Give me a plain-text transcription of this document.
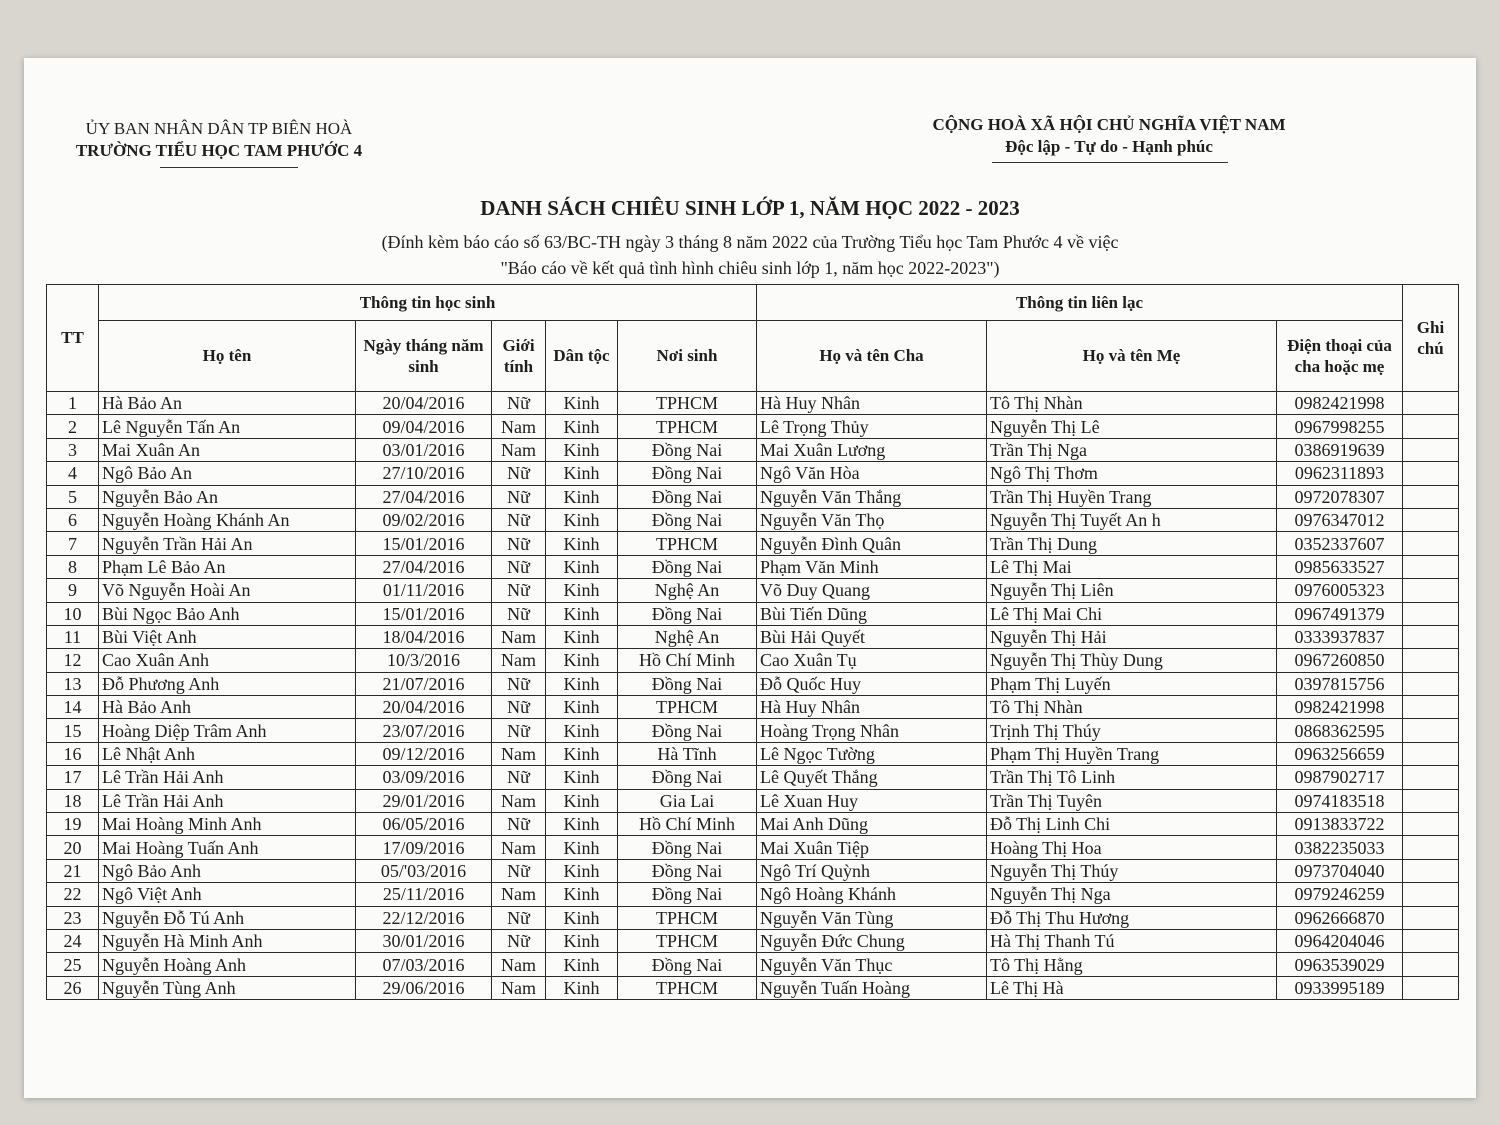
ỦY BAN NHÂN DÂN TP BIÊN HOÀ
TRƯỜNG TIỂU HỌC TAM PHƯỚC 4
CỘNG HOÀ XÃ HỘI CHỦ NGHĨA VIỆT NAM
Độc lập - Tự do - Hạnh phúc
DANH SÁCH CHIÊU SINH LỚP 1, NĂM HỌC 2022 - 2023
(Đính kèm báo cáo số 63/BC-TH ngày 3 tháng 8 năm 2022 của Trường Tiểu học Tam Phước 4 về việc
"Báo cáo về kết quả tình hình chiêu sinh lớp 1, năm học 2022-2023")
TT	Thông tin học sinh					Thông tin liên lạc			Ghi chú
	Họ tên	Ngày tháng năm sinh	Giới tính	Dân tộc	Nơi sinh	Họ và tên Cha	Họ và tên Mẹ	Điện thoại của cha hoặc mẹ	
1	Hà Bảo An	20/04/2016	Nữ	Kinh	TPHCM	Hà Huy Nhân	Tô Thị Nhàn	0982421998	
2	Lê Nguyễn Tấn An	09/04/2016	Nam	Kinh	TPHCM	Lê Trọng Thủy	Nguyễn Thị Lê	0967998255	
3	Mai Xuân An	03/01/2016	Nam	Kinh	Đồng Nai	Mai Xuân Lương	Trần Thị Nga	0386919639	
4	Ngô Bảo An	27/10/2016	Nữ	Kinh	Đồng Nai	Ngô Văn Hòa	Ngô Thị Thơm	0962311893	
5	Nguyễn Bảo An	27/04/2016	Nữ	Kinh	Đồng Nai	Nguyễn Văn Thắng	Trần Thị Huyền Trang	0972078307	
6	Nguyễn Hoàng Khánh An	09/02/2016	Nữ	Kinh	Đồng Nai	Nguyễn Văn Thọ	Nguyễn Thị Tuyết An h	0976347012	
7	Nguyễn Trần Hải An	15/01/2016	Nữ	Kinh	TPHCM	Nguyễn Đình Quân	Trần Thị Dung	0352337607	
8	Phạm Lê Bảo An	27/04/2016	Nữ	Kinh	Đồng Nai	Phạm Văn Minh	Lê Thị Mai	0985633527	
9	Võ Nguyễn Hoài An	01/11/2016	Nữ	Kinh	Nghệ An	Võ Duy Quang	Nguyễn Thị Liên	0976005323	
10	Bùi Ngọc Bảo Anh	15/01/2016	Nữ	Kinh	Đồng Nai	Bùi Tiến Dũng	Lê Thị Mai Chi	0967491379	
11	Bùi Việt Anh	18/04/2016	Nam	Kinh	Nghệ An	Bùi Hải Quyết	Nguyễn Thị Hải	0333937837	
12	Cao Xuân Anh	10/3/2016	Nam	Kinh	Hồ Chí Minh	Cao Xuân Tụ	Nguyễn Thị Thùy Dung	0967260850	
13	Đỗ Phương Anh	21/07/2016	Nữ	Kinh	Đồng Nai	Đỗ Quốc Huy	Phạm Thị Luyến	0397815756	
14	Hà Bảo Anh	20/04/2016	Nữ	Kinh	TPHCM	Hà Huy Nhân	Tô Thị Nhàn	0982421998	
15	Hoàng Diệp Trâm Anh	23/07/2016	Nữ	Kinh	Đồng Nai	Hoàng Trọng Nhân	Trịnh Thị Thúy	0868362595	
16	Lê Nhật Anh	09/12/2016	Nam	Kinh	Hà Tĩnh	Lê Ngọc Tường	Phạm Thị Huyền Trang	0963256659	
17	Lê Trần Hải Anh	03/09/2016	Nữ	Kinh	Đồng Nai	Lê Quyết Thắng	Trần Thị Tô Linh	0987902717	
18	Lê Trần Hải Anh	29/01/2016	Nam	Kinh	Gia Lai	Lê Xuan Huy	Trần Thị Tuyên	0974183518	
19	Mai Hoàng Minh Anh	06/05/2016	Nữ	Kinh	Hồ Chí Minh	Mai Anh Dũng	Đỗ Thị Linh Chi	0913833722	
20	Mai Hoàng Tuấn Anh	17/09/2016	Nam	Kinh	Đồng Nai	Mai Xuân Tiệp	Hoàng Thị Hoa	0382235033	
21	Ngô Bảo Anh	05/'03/2016	Nữ	Kinh	Đồng Nai	Ngô Trí Quỳnh	Nguyễn Thị Thúy	0973704040	
22	Ngô Việt Anh	25/11/2016	Nam	Kinh	Đồng Nai	Ngô Hoàng Khánh	Nguyễn Thị Nga	0979246259	
23	Nguyễn Đỗ Tú Anh	22/12/2016	Nữ	Kinh	TPHCM	Nguyễn Văn Tùng	Đỗ Thị Thu Hương	0962666870	
24	Nguyễn Hà Minh Anh	30/01/2016	Nữ	Kinh	TPHCM	Nguyễn Đức Chung	Hà Thị Thanh Tú	0964204046	
25	Nguyễn Hoàng Anh	07/03/2016	Nam	Kinh	Đồng Nai	Nguyễn Văn Thục	Tô Thị Hằng	0963539029	
26	Nguyễn Tùng Anh	29/06/2016	Nam	Kinh	TPHCM	Nguyễn Tuấn Hoàng	Lê Thị Hà	0933995189	
